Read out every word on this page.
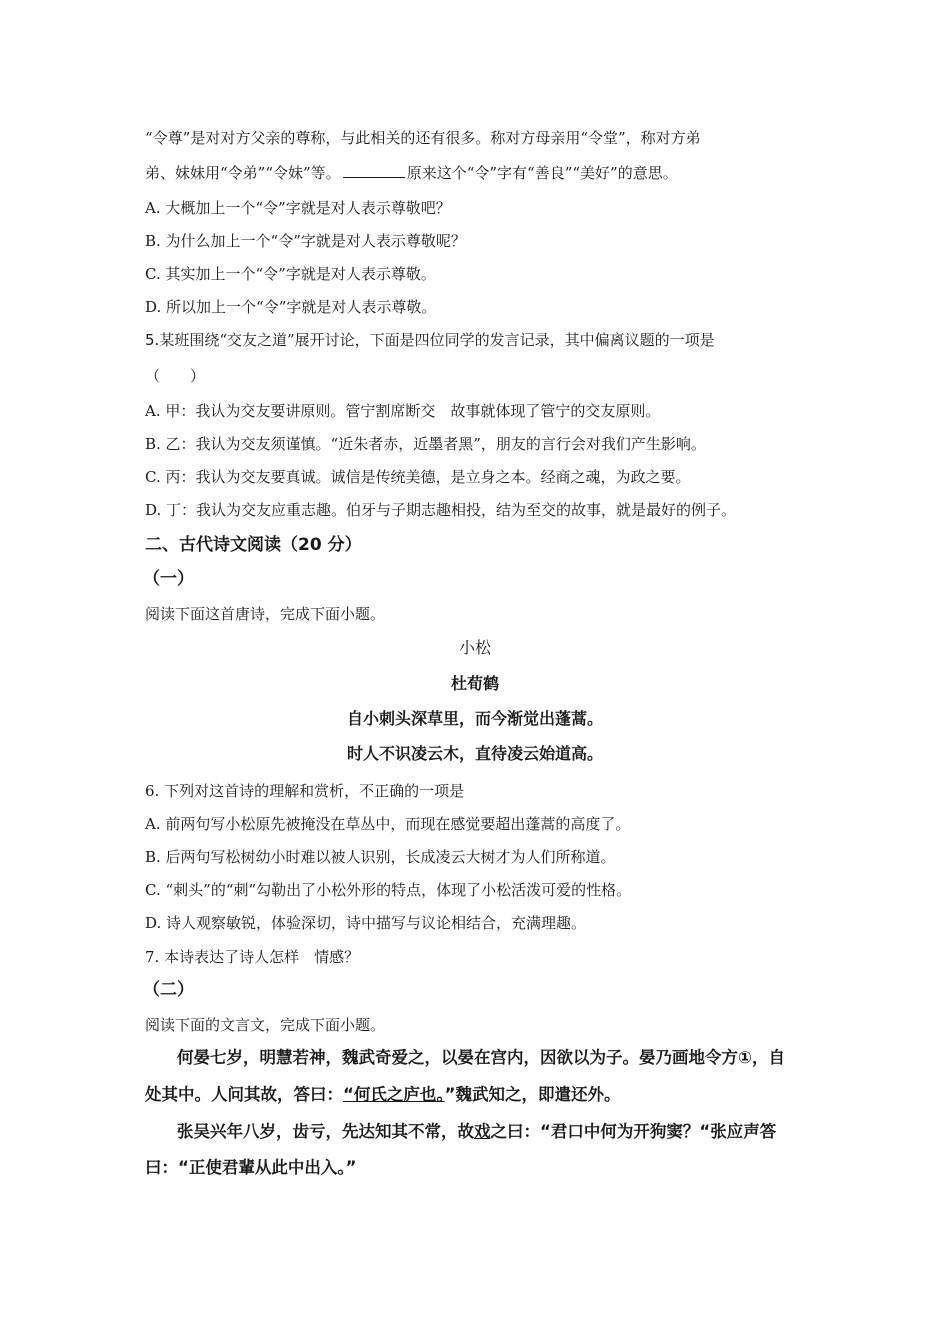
“令尊”是对对方父亲的尊称，与此相关的还有很多。称对方母亲用“令堂”，称对方弟
弟、妹妹用“令弟”“令妹”等。	原来这个“令”字有“善良”“美好”的意思。
A. 大概加上一个“令”字就是对人表示尊敬吧？
B. 为什么加上一个“令”字就是对人表示尊敬呢？
C. 其实加上一个“令”字就是对人表示尊敬。
D. 所以加上一个“令”字就是对人表示尊敬。
5.某班围绕“交友之道”展开讨论，下面是四位同学的发言记录，其中偏离议题的一项是
（　　）
A. 甲：我认为交友要讲原则。管宁割席断交　故事就体现了管宁的交友原则。
B. 乙：我认为交友须谨慎。“近朱者赤，近墨者黑”，朋友的言行会对我们产生影响。
C. 丙：我认为交友要真诚。诚信是传统美德，是立身之本。经商之魂，为政之要。
D. 丁：我认为交友应重志趣。伯牙与子期志趣相投，结为至交的故事，就是最好的例子。
二、古代诗文阅读（20 分）
（一）
阅读下面这首唐诗，完成下面小题。
小松
杜荀鹤
自小刺头深草里，而今渐觉出蓬蒿。
时人不识凌云木，直待凌云始道高。
6. 下列对这首诗的理解和赏析，不正确的一项是
A. 前两句写小松原先被掩没在草丛中，而现在感觉要超出蓬蒿的高度了。
B. 后两句写松树幼小时难以被人识别，长成凌云大树才为人们所称道。
C. “刺头”的“刺”勾勒出了小松外形的特点，体现了小松活泼可爱的性格。
D. 诗人观察敏锐，体验深切，诗中描写与议论相结合，充满理趣。
7. 本诗表达了诗人怎样　情感？
（二）
阅读下面的文言文，完成下面小题。
何晏七岁，明慧若神，魏武奇爱之，以晏在宫内，因欲以为子。晏乃画地令方①，自
处其中。人问其故，答曰：“何氏之庐也。”魏武知之，即遣还外。
张吴兴年八岁，齿亏，先达知其不常，故戏之曰：“君口中何为开狗窦？“张应声答
曰：“正使君輩从此中出入。”
